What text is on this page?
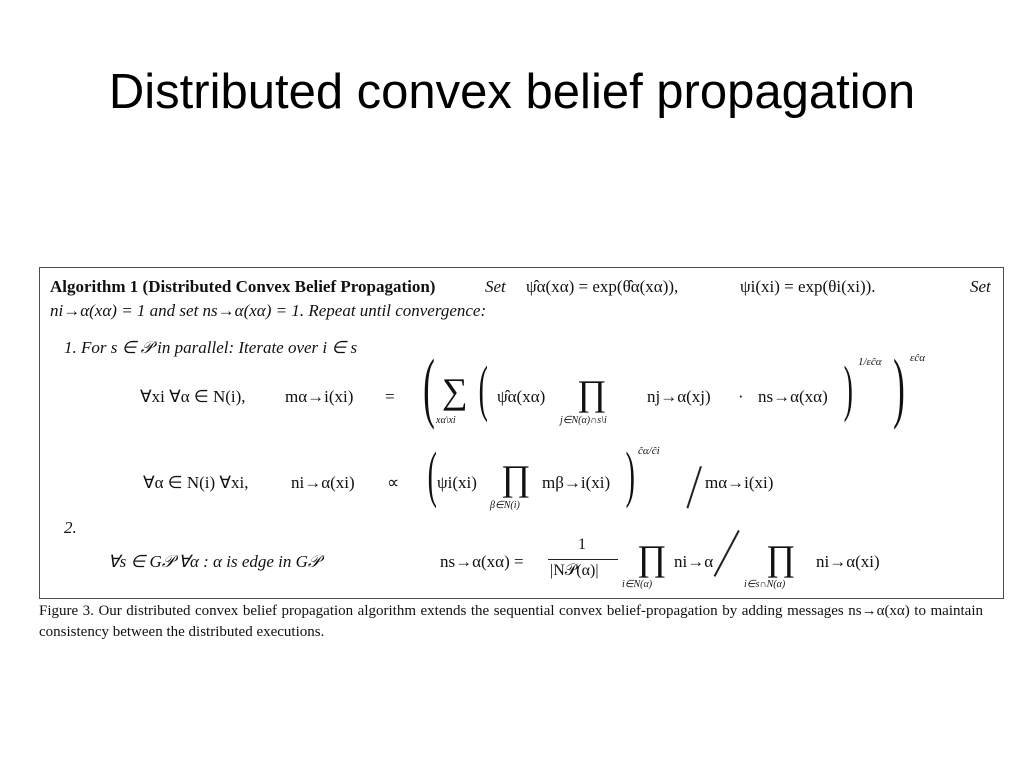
Distributed convex belief propagation
Algorithm 1 (Distributed Convex Belief Propagation)	Set ψ̂α(xα) = exp(θ̂α(xα)),	ψi(xi) = exp(θi(xi)).	Set
ni→α(xα) = 1 and set ns→α(xα) = 1. Repeat until convergence:
1. For s ∈ 𝒫 in parallel: Iterate over i ∈ s
∀xi ∀α ∈ N(i), mα→i(xi) = ( ∑
xα\xi ( ψ̂α(xα) ∏
j∈N(α)∩s\i
nj→α(xj) · ns→α(xα) ) 1/εĉα ) εĉα
∀α ∈ N(i) ∀xi, ni→α(xi) ∝ ( ψi(xi) ∏
β∈N(i)
mβ→i(xi) ) ĉα/ĉi
mα→i(xi)
2.
∀s ∈ G𝒫 ∀α : α is edge in G𝒫	ns→α(xα) =
1
|N𝒫(α)| ∏
i∈N(α)
ni→α ∏
i∈s∩N(α)
ni→α(xi)
Figure 3. Our distributed convex belief propagation algorithm extends the sequential convex belief-propagation by adding messages ns→α(xα) to maintain consistency between the distributed executions.
